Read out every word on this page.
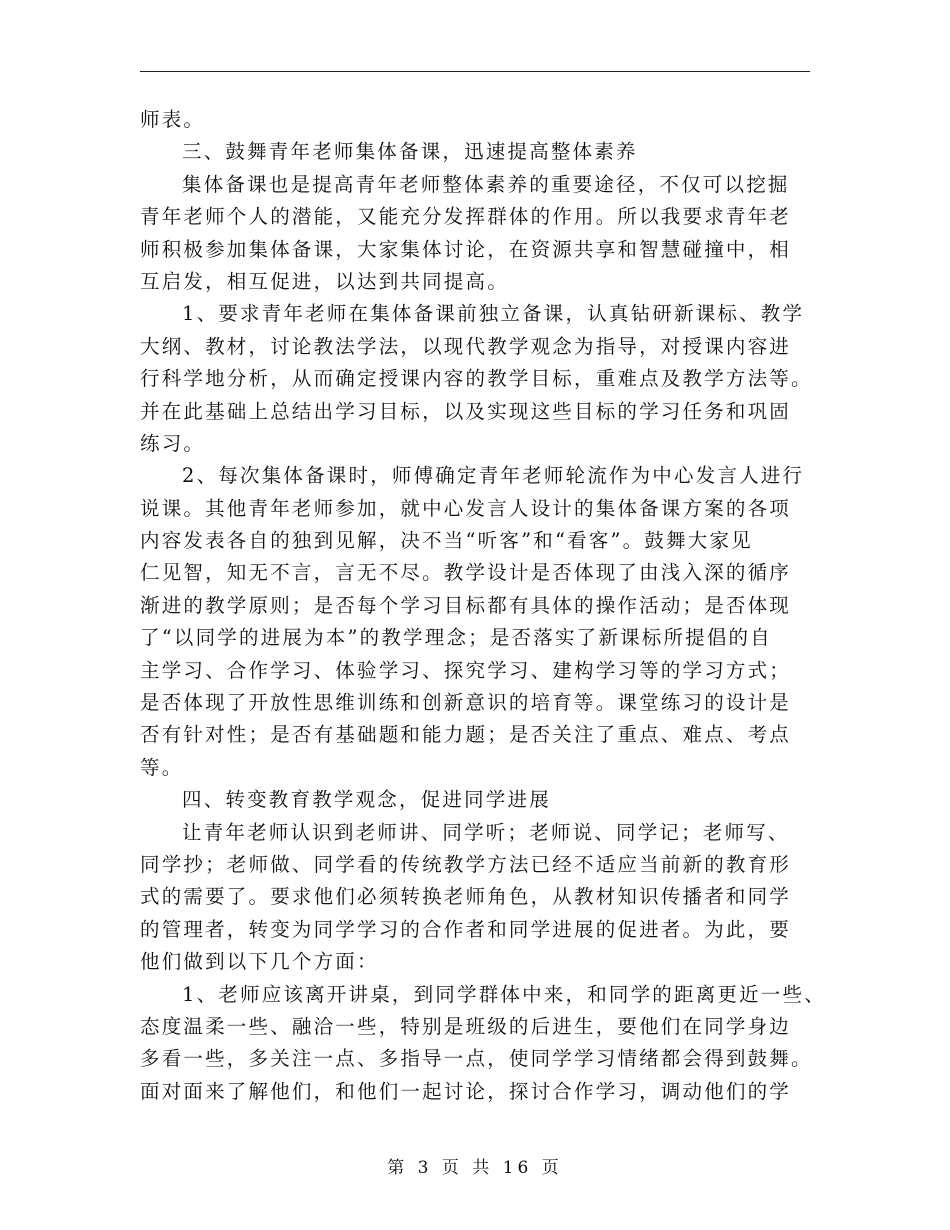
师表。
三、鼓舞青年老师集体备课，迅速提高整体素养
集体备课也是提高青年老师整体素养的重要途径，不仅可以挖掘
青年老师个人的潜能，又能充分发挥群体的作用。所以我要求青年老
师积极参加集体备课，大家集体讨论，在资源共享和智慧碰撞中，相
互启发，相互促进，以达到共同提高。
1、要求青年老师在集体备课前独立备课，认真钻研新课标、教学
大纲、教材，讨论教法学法，以现代教学观念为指导，对授课内容进
行科学地分析，从而确定授课内容的教学目标，重难点及教学方法等。
并在此基础上总结出学习目标，以及实现这些目标的学习任务和巩固
练习。
2、每次集体备课时，师傅确定青年老师轮流作为中心发言人进行
说课。其他青年老师参加，就中心发言人设计的集体备课方案的各项
内容发表各自的独到见解，决不当“听客”和“看客”。鼓舞大家见
仁见智，知无不言，言无不尽。教学设计是否体现了由浅入深的循序
渐进的教学原则；是否每个学习目标都有具体的操作活动；是否体现
了“以同学的进展为本”的教学理念；是否落实了新课标所提倡的自
主学习、合作学习、体验学习、探究学习、建构学习等的学习方式；
是否体现了开放性思维训练和创新意识的培育等。课堂练习的设计是
否有针对性；是否有基础题和能力题；是否关注了重点、难点、考点
等。
四、转变教育教学观念，促进同学进展
让青年老师认识到老师讲、同学听；老师说、同学记；老师写、
同学抄；老师做、同学看的传统教学方法已经不适应当前新的教育形
式的需要了。要求他们必须转换老师角色，从教材知识传播者和同学
的管理者，转变为同学学习的合作者和同学进展的促进者。为此，要
他们做到以下几个方面：
1、老师应该离开讲桌，到同学群体中来，和同学的距离更近一些、
态度温柔一些、融洽一些，特别是班级的后进生，要他们在同学身边
多看一些，多关注一点、多指导一点，使同学学习情绪都会得到鼓舞。
面对面来了解他们，和他们一起讨论，探讨合作学习，调动他们的学
第 3 页 共 16 页
